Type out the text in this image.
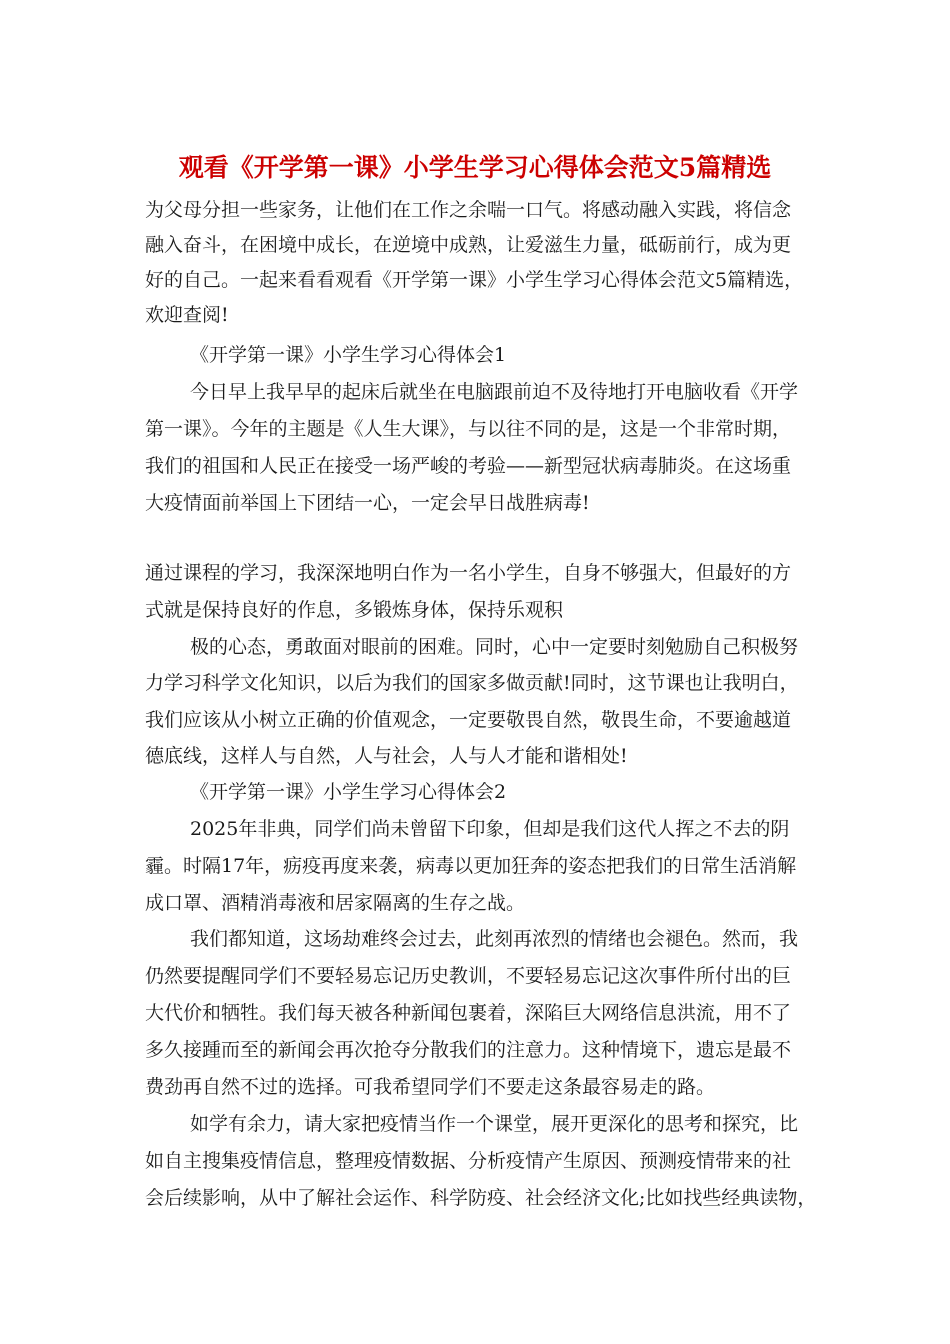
观看《开学第一课》小学生学习心得体会范文5篇精选

为父母分担一些家务，让他们在工作之余喘一口气。将感动融入实践，将信念

融入奋斗，在困境中成长，在逆境中成熟，让爱滋生力量，砥砺前行，成为更

好的自己。一起来看看观看《开学第一课》小学生学习心得体会范文5篇精选，

欢迎查阅!

《开学第一课》小学生学习心得体会1

今日早上我早早的起床后就坐在电脑跟前迫不及待地打开电脑收看《开学

第一课》。今年的主题是《人生大课》，与以往不同的是，这是一个非常时期，

我们的祖国和人民正在接受一场严峻的考验——新型冠状病毒肺炎。在这场重

大疫情面前举国上下团结一心，一定会早日战胜病毒!

通过课程的学习，我深深地明白作为一名小学生，自身不够强大，但最好的方

式就是保持良好的作息，多锻炼身体，保持乐观积

极的心态，勇敢面对眼前的困难。同时，心中一定要时刻勉励自己积极努

力学习科学文化知识，以后为我们的国家多做贡献!同时，这节课也让我明白，

我们应该从小树立正确的价值观念，一定要敬畏自然，敬畏生命，不要逾越道

德底线，这样人与自然，人与社会，人与人才能和谐相处!

《开学第一课》小学生学习心得体会2

2025年非典，同学们尚未曾留下印象，但却是我们这代人挥之不去的阴

霾。时隔17年，疬疫再度来袭，病毒以更加狂奔的姿态把我们的日常生活消解

成口罩、酒精消毒液和居家隔离的生存之战。

我们都知道，这场劫难终会过去，此刻再浓烈的情绪也会褪色。然而，我

仍然要提醒同学们不要轻易忘记历史教训，不要轻易忘记这次事件所付出的巨

大代价和牺牲。我们每天被各种新闻包裹着，深陷巨大网络信息洪流，用不了

多久接踵而至的新闻会再次抢夺分散我们的注意力。这种情境下，遗忘是最不

费劲再自然不过的选择。可我希望同学们不要走这条最容易走的路。

如学有余力，请大家把疫情当作一个课堂，展开更深化的思考和探究，比

如自主搜集疫情信息，整理疫情数据、分析疫情产生原因、预测疫情带来的社

会后续影响，从中了解社会运作、科学防疫、社会经济文化;比如找些经典读物，
